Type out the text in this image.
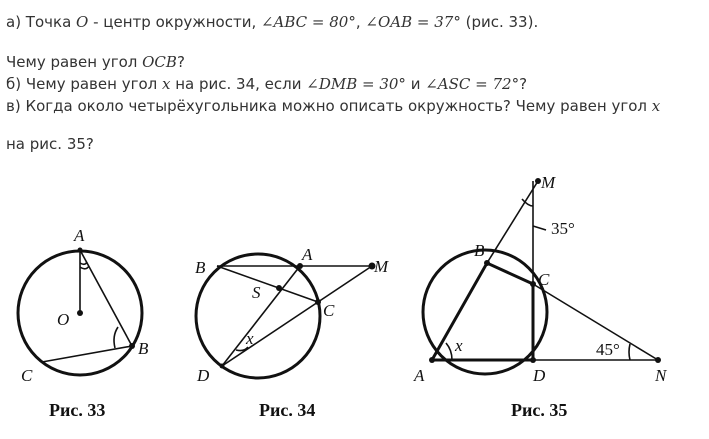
а) Точка O - центр окружности, ∠ABC = 80°, ∠OAB = 37° (рис. 33).
Чему равен угол OCB?
б) Чему равен угол x на рис. 34, если ∠DMB = 30° и ∠ASC = 72°?
в) Когда около четырёхугольника можно описать окружность? Чему равен угол x
на рис. 35?
A
O
B
C
Рис. 33
B
A
M
S
C
D
x
Рис. 34
M
B
C
A	D	N
x
35°
45°
Рис. 35
